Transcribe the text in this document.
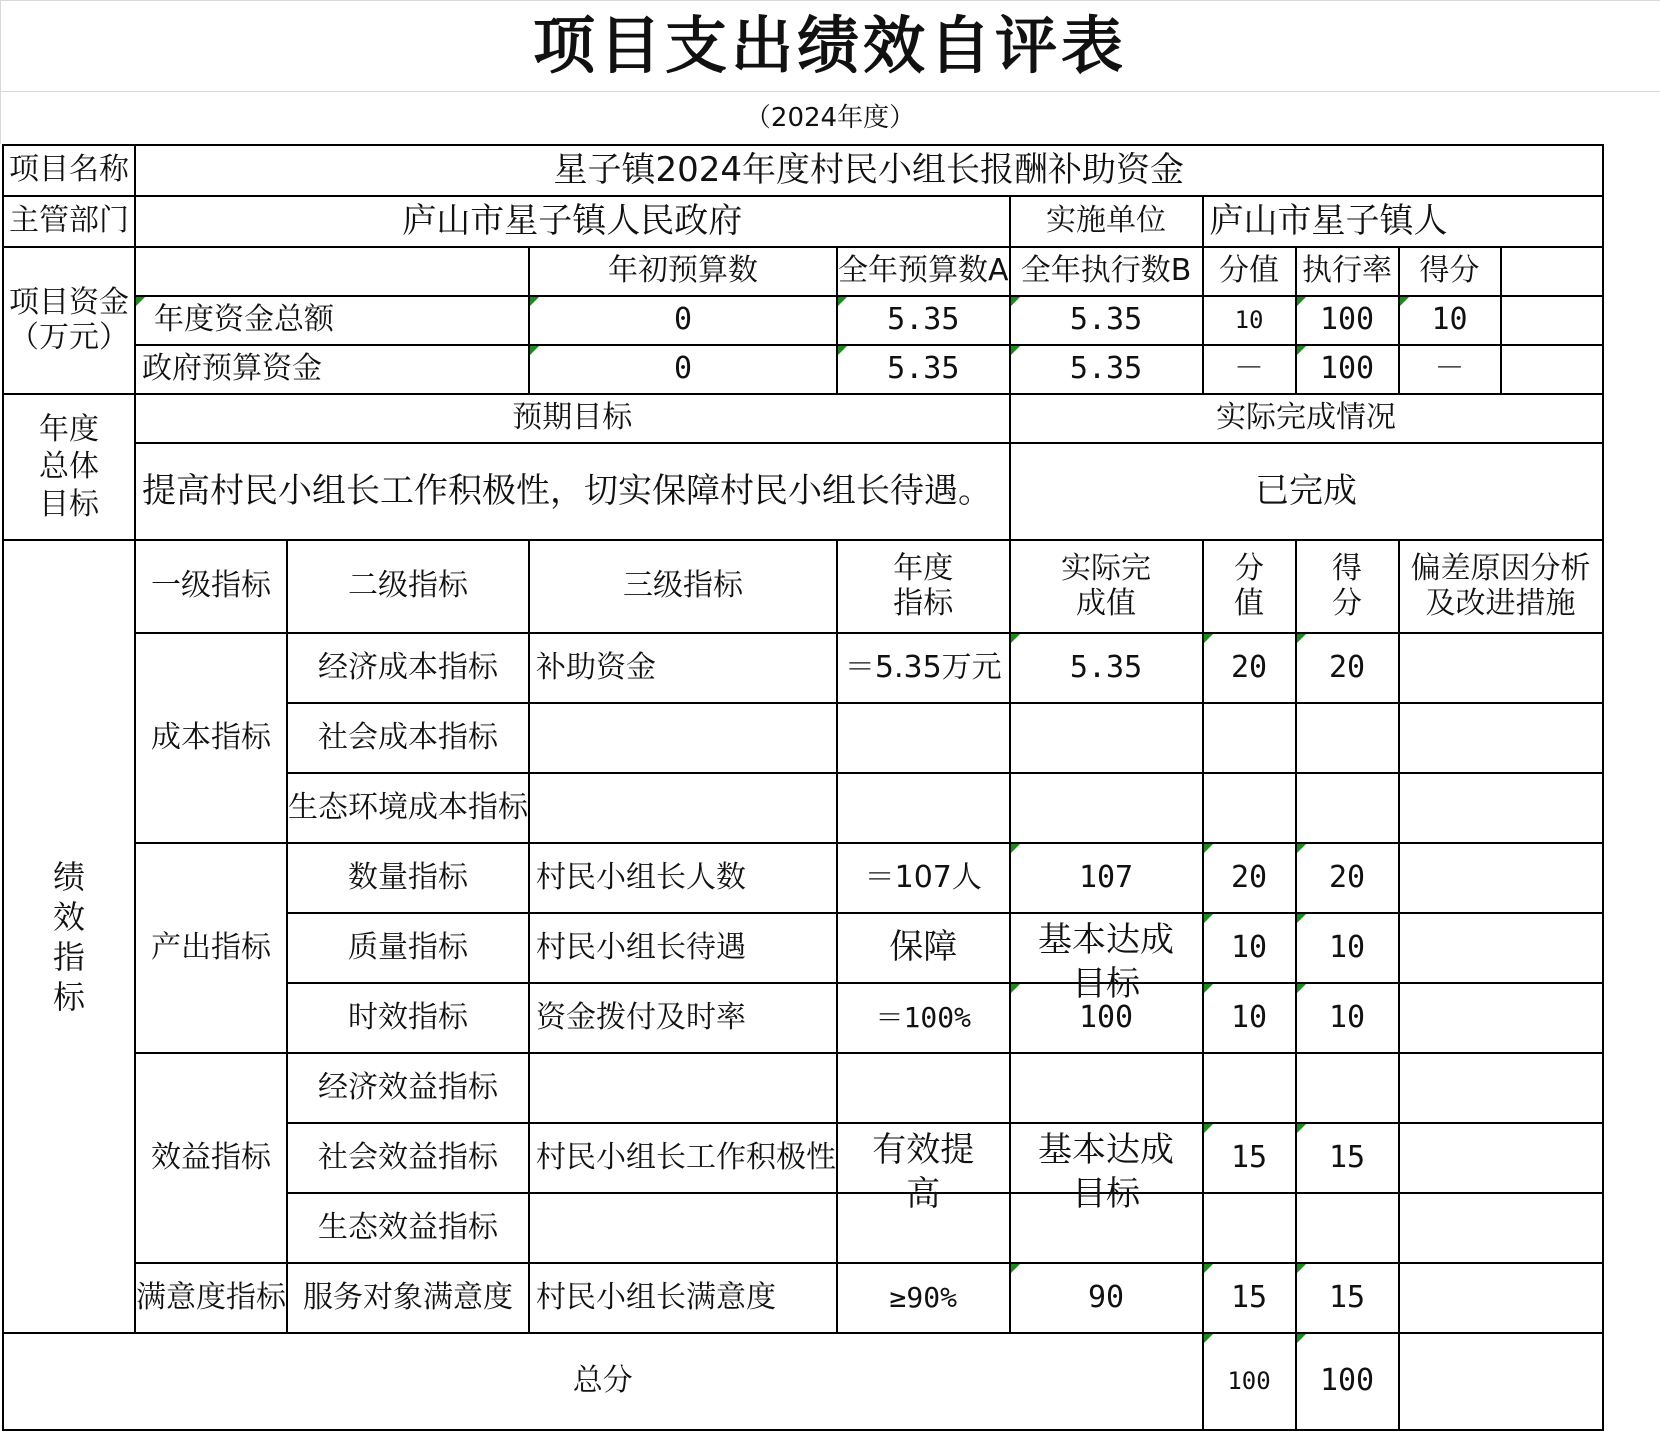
项目支出绩效自评表
（2024年度）
项目名称	星子镇2024年度村民小组长报酬补助资金								
主管部门	庐山市星子镇人民政府				实施单位	庐山市星子镇人			
项目资金（万元）			年初预算数	全年预算数A	全年执行数B	分值	执行率	得分	
	年度资金总额		0	5.35	5.35	10	100	10	
	政府预算资金		0	5.35	5.35	－	100	－	
年度总体目标	预期目标				实际完成情况				
	提高村民小组长工作积极性，切实保障村民小组长待遇。				已完成				
绩效指标	一级指标	二级指标	三级指标	年度指标	实际完成值	分值	得分	偏差原因分析及改进措施	
	成本指标	经济成本指标	补助资金	＝5.35万元	5.35	20	20		
		社会成本指标							
		生态环境成本指标							
	产出指标	数量指标	村民小组长人数	＝107人	107	20	20		
		质量指标	村民小组长待遇	保障	基本达成目标	10	10		
		时效指标	资金拨付及时率	＝100%	100	10	10		
	效益指标	经济效益指标							
		社会效益指标	村民小组长工作积极性	有效提高	基本达成目标	15	15		
		生态效益指标							
	满意度指标	服务对象满意度	村民小组长满意度	≥90%	90	15	15		
总分						100	100		
